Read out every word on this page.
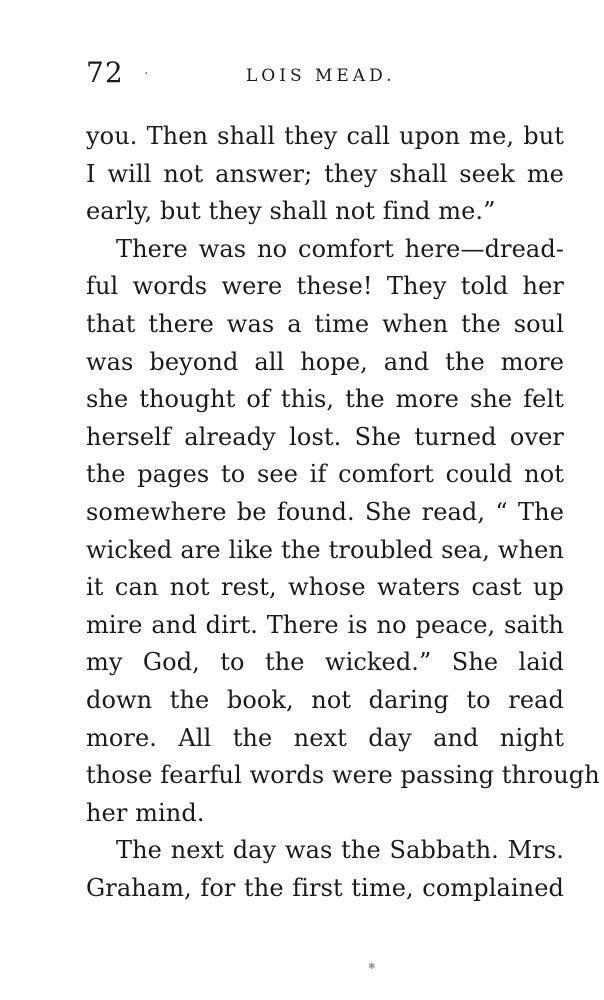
72 ·	LOIS MEAD.
you. Then shall they call upon me, but
I will not answer; they shall seek me
early, but they shall not find me.”
There was no comfort here—dread-
ful words were these! They told her
that there was a time when the soul
was beyond all hope, and the more
she thought of this, the more she felt
herself already lost. She turned over
the pages to see if comfort could not
somewhere be found. She read, “ The
wicked are like the troubled sea, when
it can not rest, whose waters cast up
mire and dirt. There is no peace, saith
my God, to the wicked.” She laid
down the book, not daring to read
more. All the next day and night
those fearful words were passing through
her mind.
The next day was the Sabbath. Mrs.
Graham, for the first time, complained
✱
